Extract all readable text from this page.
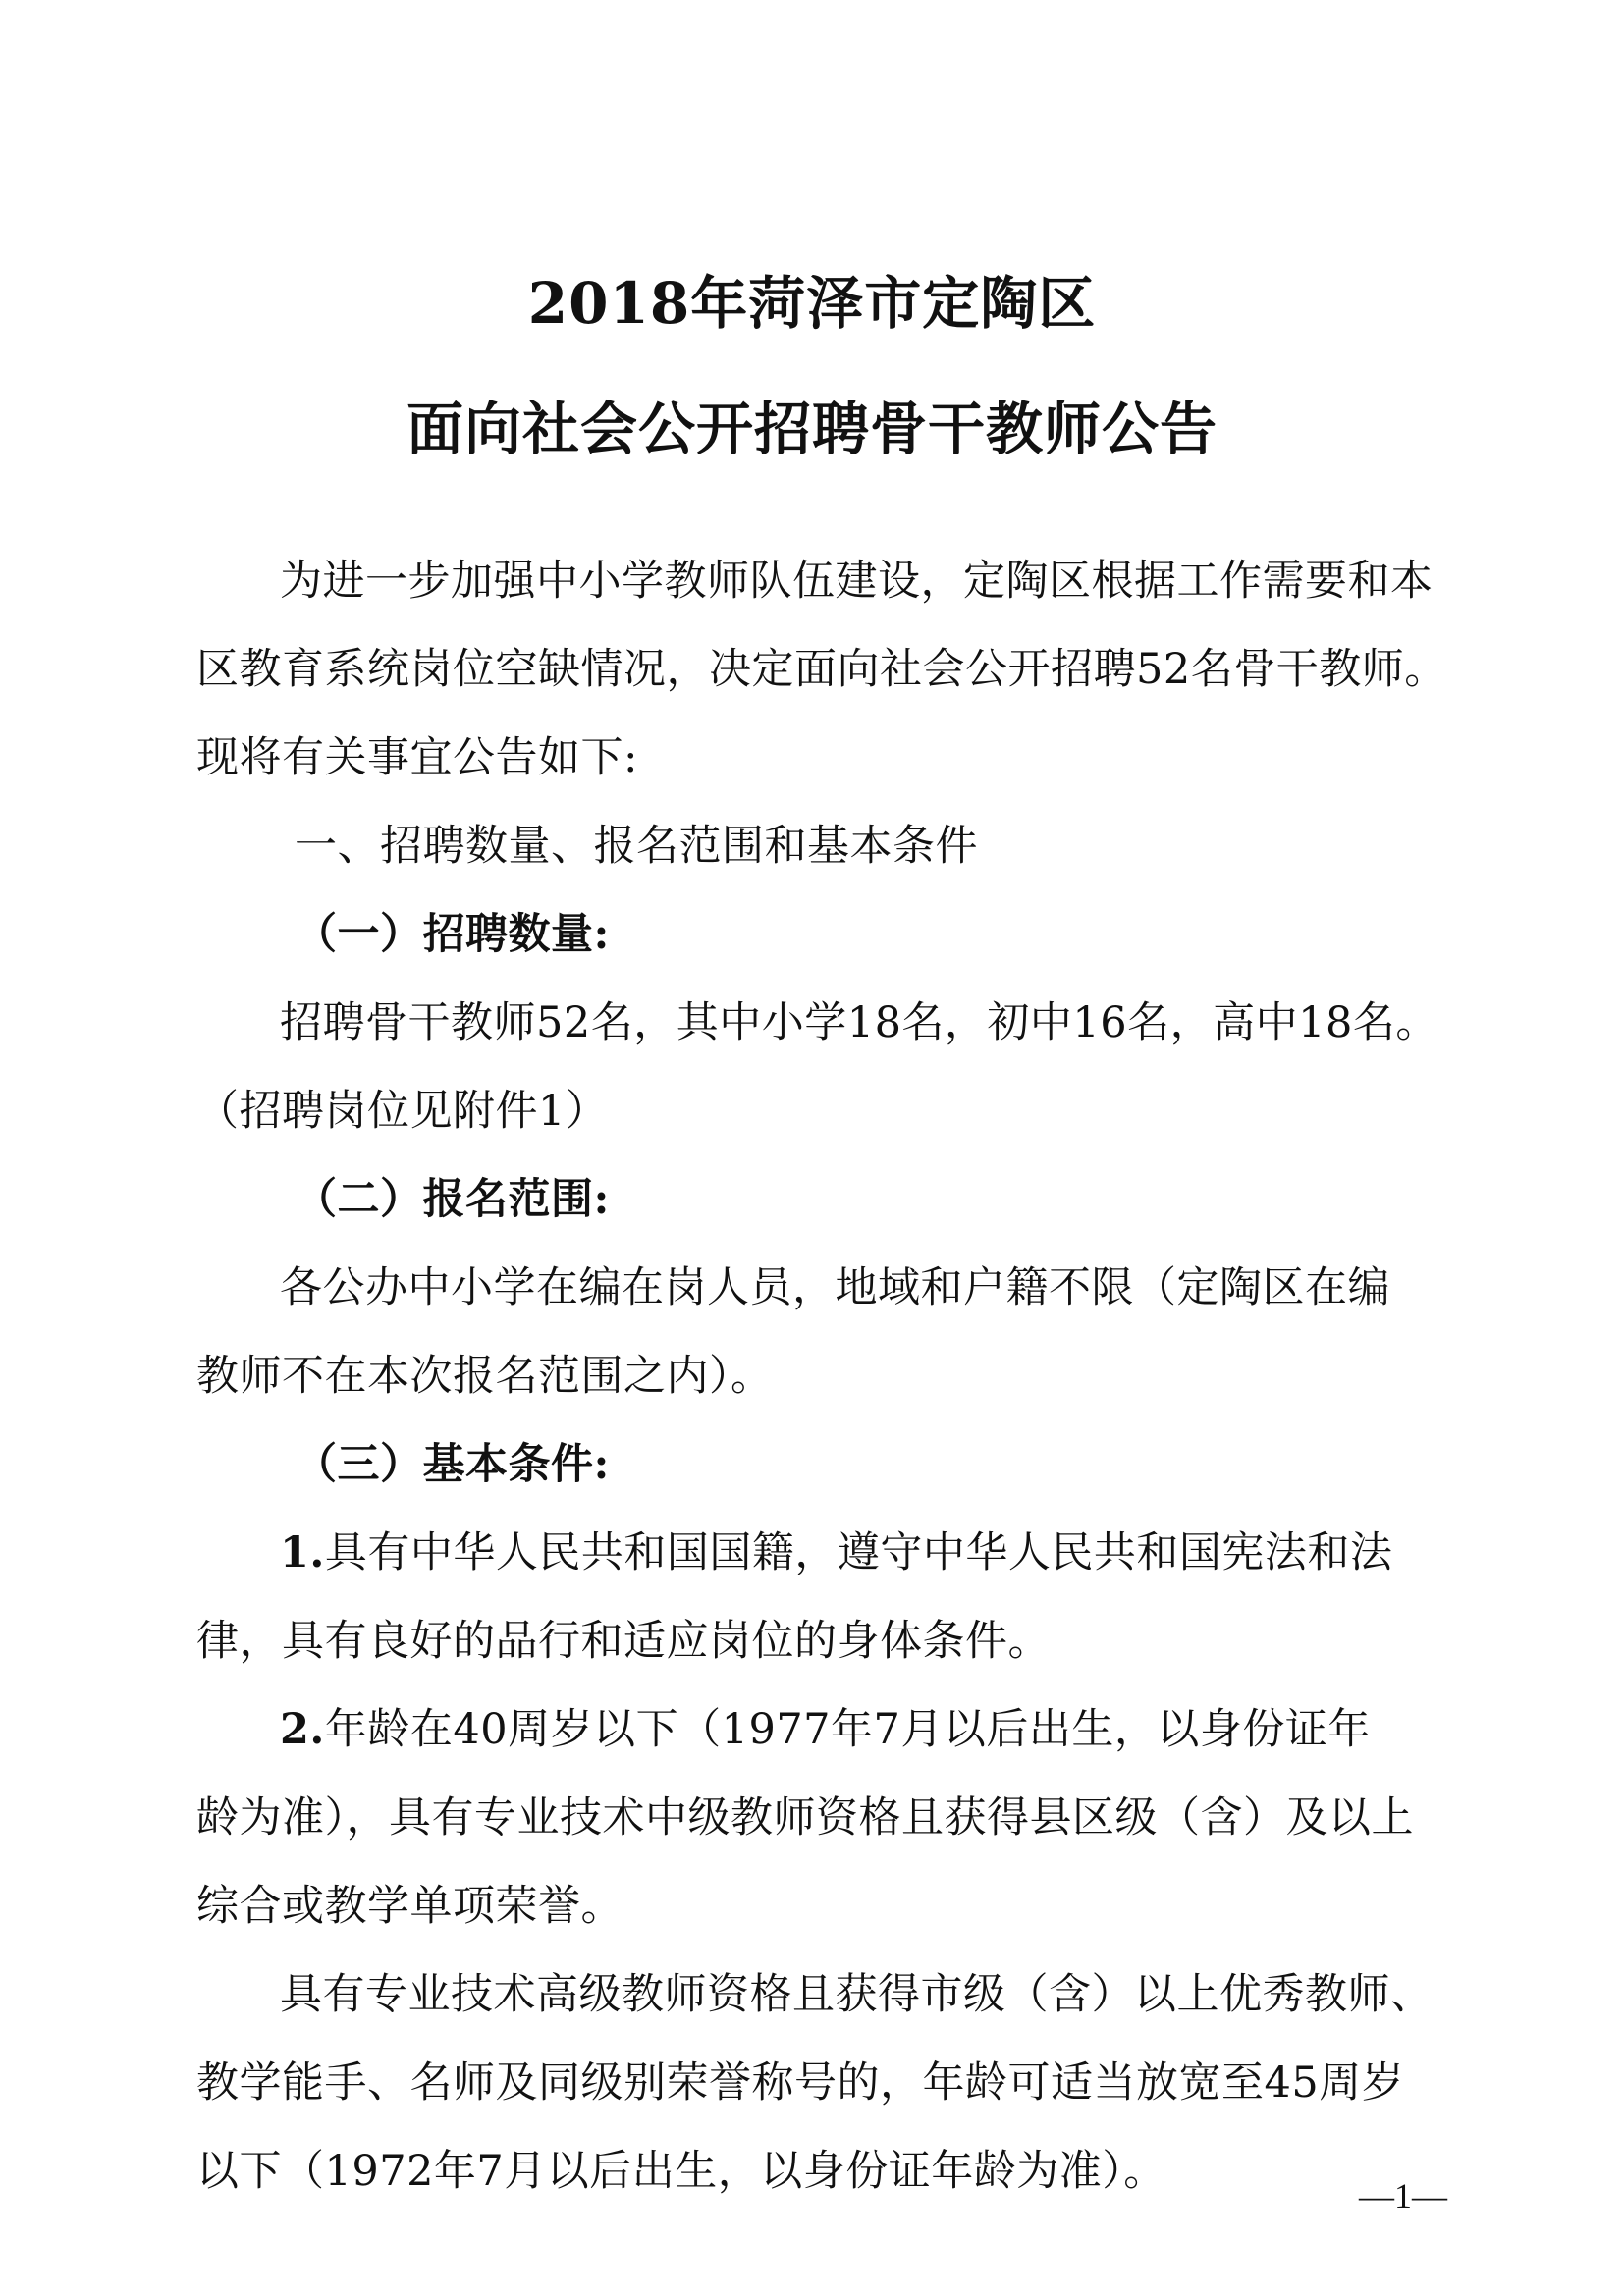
2018年菏泽市定陶区
面向社会公开招聘骨干教师公告
为进一步加强中小学教师队伍建设，定陶区根据工作需要和本
区教育系统岗位空缺情况，决定面向社会公开招聘52名骨干教师。
现将有关事宜公告如下:
一、招聘数量、报名范围和基本条件
（一）招聘数量:
招聘骨干教师52名，其中小学18名，初中16名，高中18名。
（招聘岗位见附件1）
（二）报名范围:
各公办中小学在编在岗人员，地域和户籍不限（定陶区在编
教师不在本次报名范围之内）。
（三）基本条件:
1.具有中华人民共和国国籍，遵守中华人民共和国宪法和法
律，具有良好的品行和适应岗位的身体条件。
2.年龄在40周岁以下（1977年7月以后出生，以身份证年
龄为准），具有专业技术中级教师资格且获得县区级（含）及以上
综合或教学单项荣誉。
具有专业技术高级教师资格且获得市级（含）以上优秀教师、
教学能手、名师及同级别荣誉称号的，年龄可适当放宽至45周岁
以下（1972年7月以后出生，以身份证年龄为准）。	—1—
